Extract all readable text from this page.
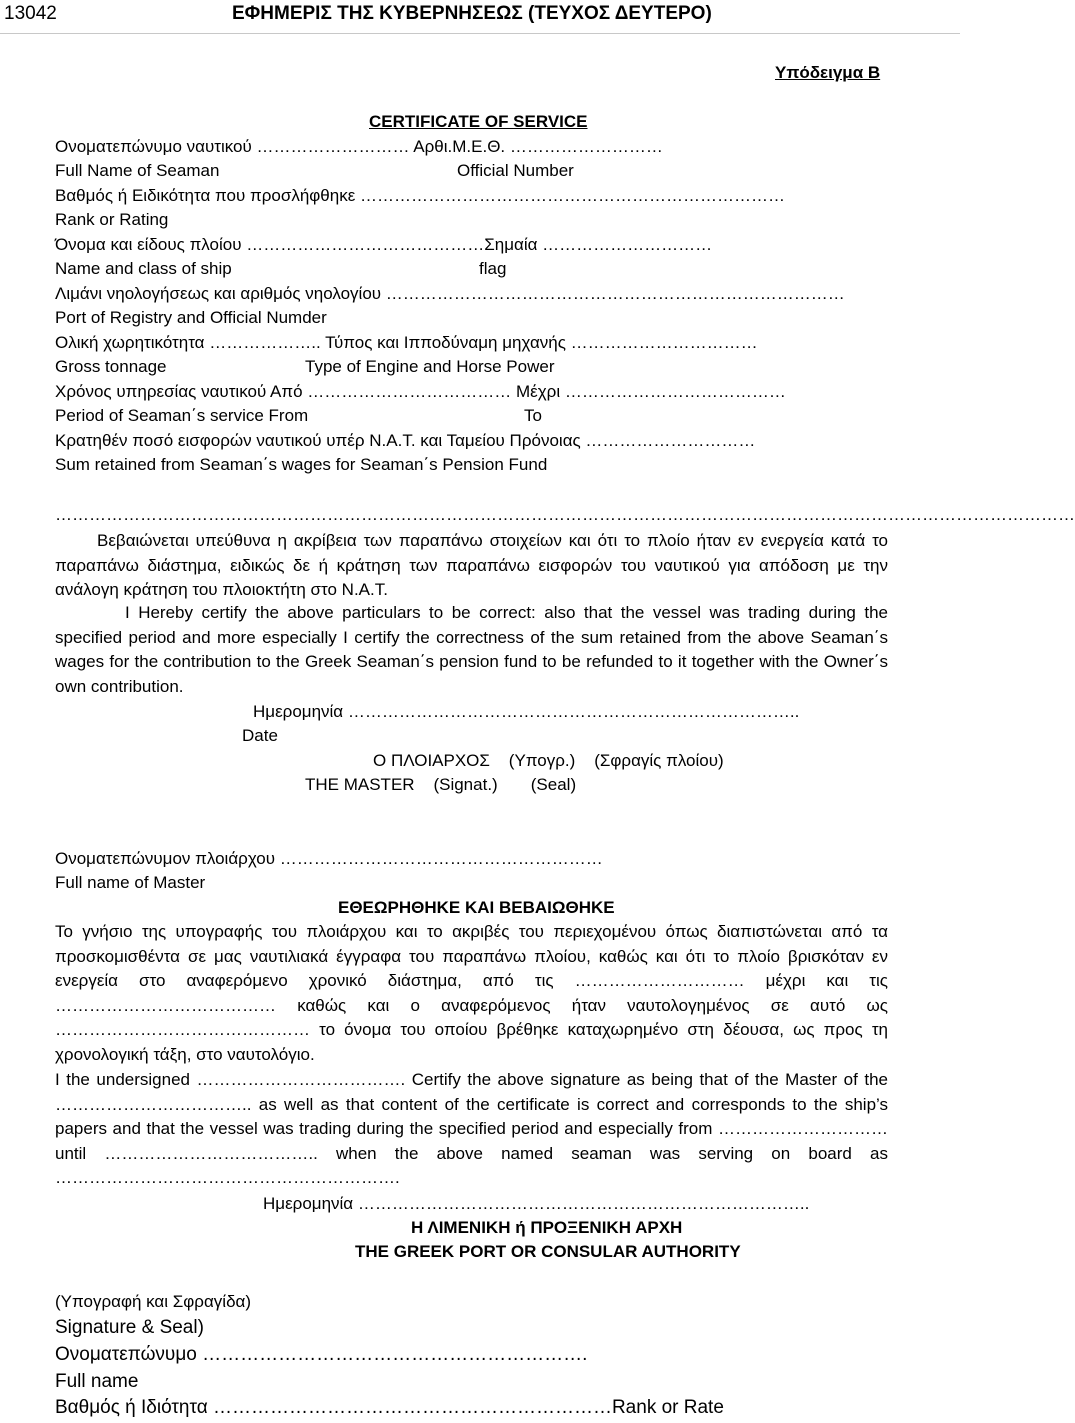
13042	ΕΦΗΜΕΡΙΣ ΤΗΣ ΚΥΒΕΡΝΗΣΕΩΣ (ΤΕΥΧΟΣ ΔΕΥΤΕΡΟ)
Υπόδειγμα Β
CERTIFICATE OF SERVICE
Ονοματεπώνυμο ναυτικού ……………………… Αρθι.Μ.Ε.Θ. ………………………
Full Name of Seaman	Official Number
Βαθμός ή Ειδικότητα που προσλήφθηκε …………………………………………………………………
Rank or Rating
Όνομα και είδους πλοίου ……………………………………Σημαία …………………………
Name and class of ship	flag
Λιμάνι νηολογήσεως και αριθμός νηολογίου ………………………………………………………………………
Port of Registry and Official Numder
Ολική χωρητικότητα ……………….. Τύπος και Ιπποδύναμη μηχανής ……………………………
Gross tonnage	Type of Engine and Horse Power
Χρόνος υπηρεσίας ναυτικού Από ……………………………… Μέχρι …………………………………
Period of Seaman΄s service From	To
Κρατηθέν ποσό εισφορών ναυτικού υπέρ Ν.Α.Τ. και Ταμείου Πρόνοιας …………………………
Sum retained from Seaman΄s wages for Seaman΄s Pension Fund
………………………………………………………………………………………………………………………………………………………………
Βεβαιώνεται υπεύθυνα η ακρίβεια των παραπάνω στοιχείων και ότι το πλοίο ήταν εν ενεργεία κατά το παραπάνω διάστημα, ειδικώς δε ή κράτηση των παραπάνω εισφορών του ναυτικού για απόδοση με την ανάλογη κράτηση του πλοιοκτήτη στο Ν.Α.Τ.
I Hereby certify the above particulars to be correct: also that the vessel was trading during the specified period and more especially I certify the correctness of the sum retained from the above Seaman΄s wages for the contribution to the Greek Seaman΄s pension fund to be refunded to it together with the Owner΄s own contribution.
Ημερομηνία ……………………………………………………………………..
Date
Ο ΠΛΟΙΑΡΧΟΣ    (Υπογρ.)    (Σφραγίς πλοίου)
THE MASTER    (Signat.)       (Seal)
Ονοματεπώνυμον πλοιάρχου …………………………………………………
Full name of Master
ΕΘΕΩΡΗΘΗΚΕ ΚΑΙ ΒΕΒΑΙΩΘΗΚΕ
Το γνήσιο της υπογραφής του πλοιάρχου και το ακριβές του περιεχομένου όπως διαπιστώνεται από τα προσκομισθέντα σε μας ναυτιλιακά έγγραφα του παραπάνω πλοίου, καθώς και ότι το πλοίο βρισκόταν εν ενεργεία στο αναφερόμενο χρονικό διάστημα, από τις ………………………… μέχρι και τις ………………………………… καθώς και ο αναφερόμενος ήταν ναυτολογημένος σε αυτό ως ……………………………………… το όνομα του οποίου βρέθηκε καταχωρημένο στη δέουσα, ως προς τη χρονολογική τάξη, στο ναυτολόγιο.
I the undersigned ………………………………. Certify the above signature as being that of the Master of the …………………………….. as well as that content of the certificate is correct and corresponds to the ship’s papers and that the vessel was trading during the specified period and especially from ………………………… until ……………………………….. when the above named seaman was serving on board as …………………………………………………….
Ημερομηνία ……………………………………………………………………..
Η ΛΙΜΕΝΙΚΗ ή ΠΡΟΞΕΝΙΚΗ ΑΡΧΗ
THE GREEK PORT OR CONSULAR AUTHORITY
(Υπογραφή και Σφραγίδα)
Signature & Seal)
Ονοματεπώνυμο …………………………………………………….
Full name
Βαθμός ή Ιδιότητα ………………………………………………………Rank or Rate
